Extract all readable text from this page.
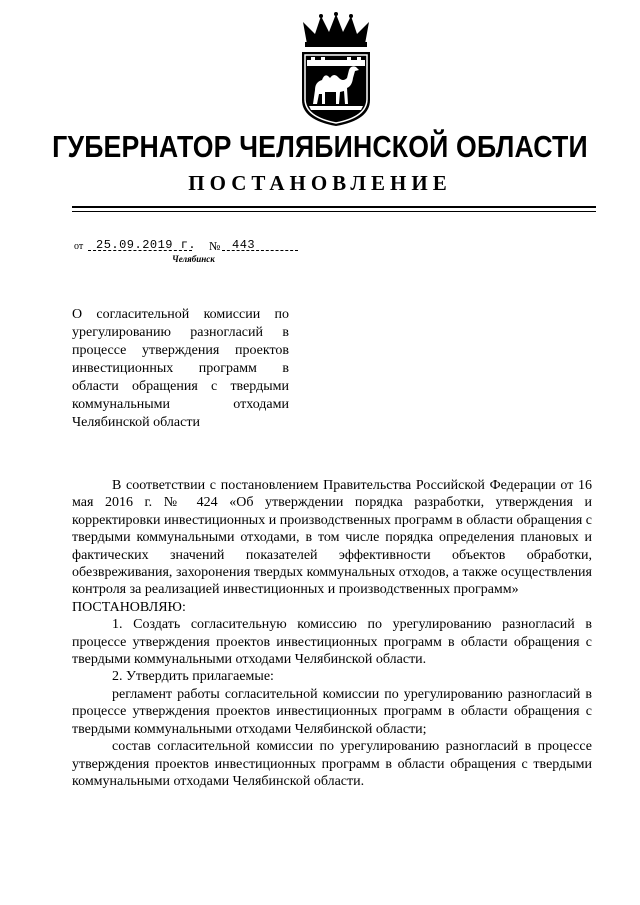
ГУБЕРНАТОР ЧЕЛЯБИНСКОЙ ОБЛАСТИ
ПОСТАНОВЛЕНИЕ
от 25.09.2019 г. № 443
Челябинск
О согласительной комиссии по урегулированию разногласий в процессе утверждения проектов инвестиционных программ в области обращения с твердыми коммунальными отходами Челябинской области

В соответствии с постановлением Правительства Российской Федерации от 16 мая 2016 г. № 424 «Об утверждении порядка разработки, утверждения и корректировки инвестиционных и производственных программ в области обращения с твердыми коммунальными отходами, в том числе порядка определения плановых и фактических значений показателей эффективности объектов обработки, обезвреживания, захоронения твердых коммунальных отходов, а также осуществления контроля за реализацией инвестиционных и производственных программ»

ПОСТАНОВЛЯЮ:

1. Создать согласительную комиссию по урегулированию разногласий в процессе утверждения проектов инвестиционных программ в области обращения с твердыми коммунальными отходами Челябинской области.

2. Утвердить прилагаемые:

регламент работы согласительной комиссии по урегулированию разногласий в процессе утверждения проектов инвестиционных программ в области обращения с твердыми коммунальными отходами Челябинской области;

состав согласительной комиссии по урегулированию разногласий в процессе утверждения проектов инвестиционных программ в области обращения с твердыми коммунальными отходами Челябинской области.
